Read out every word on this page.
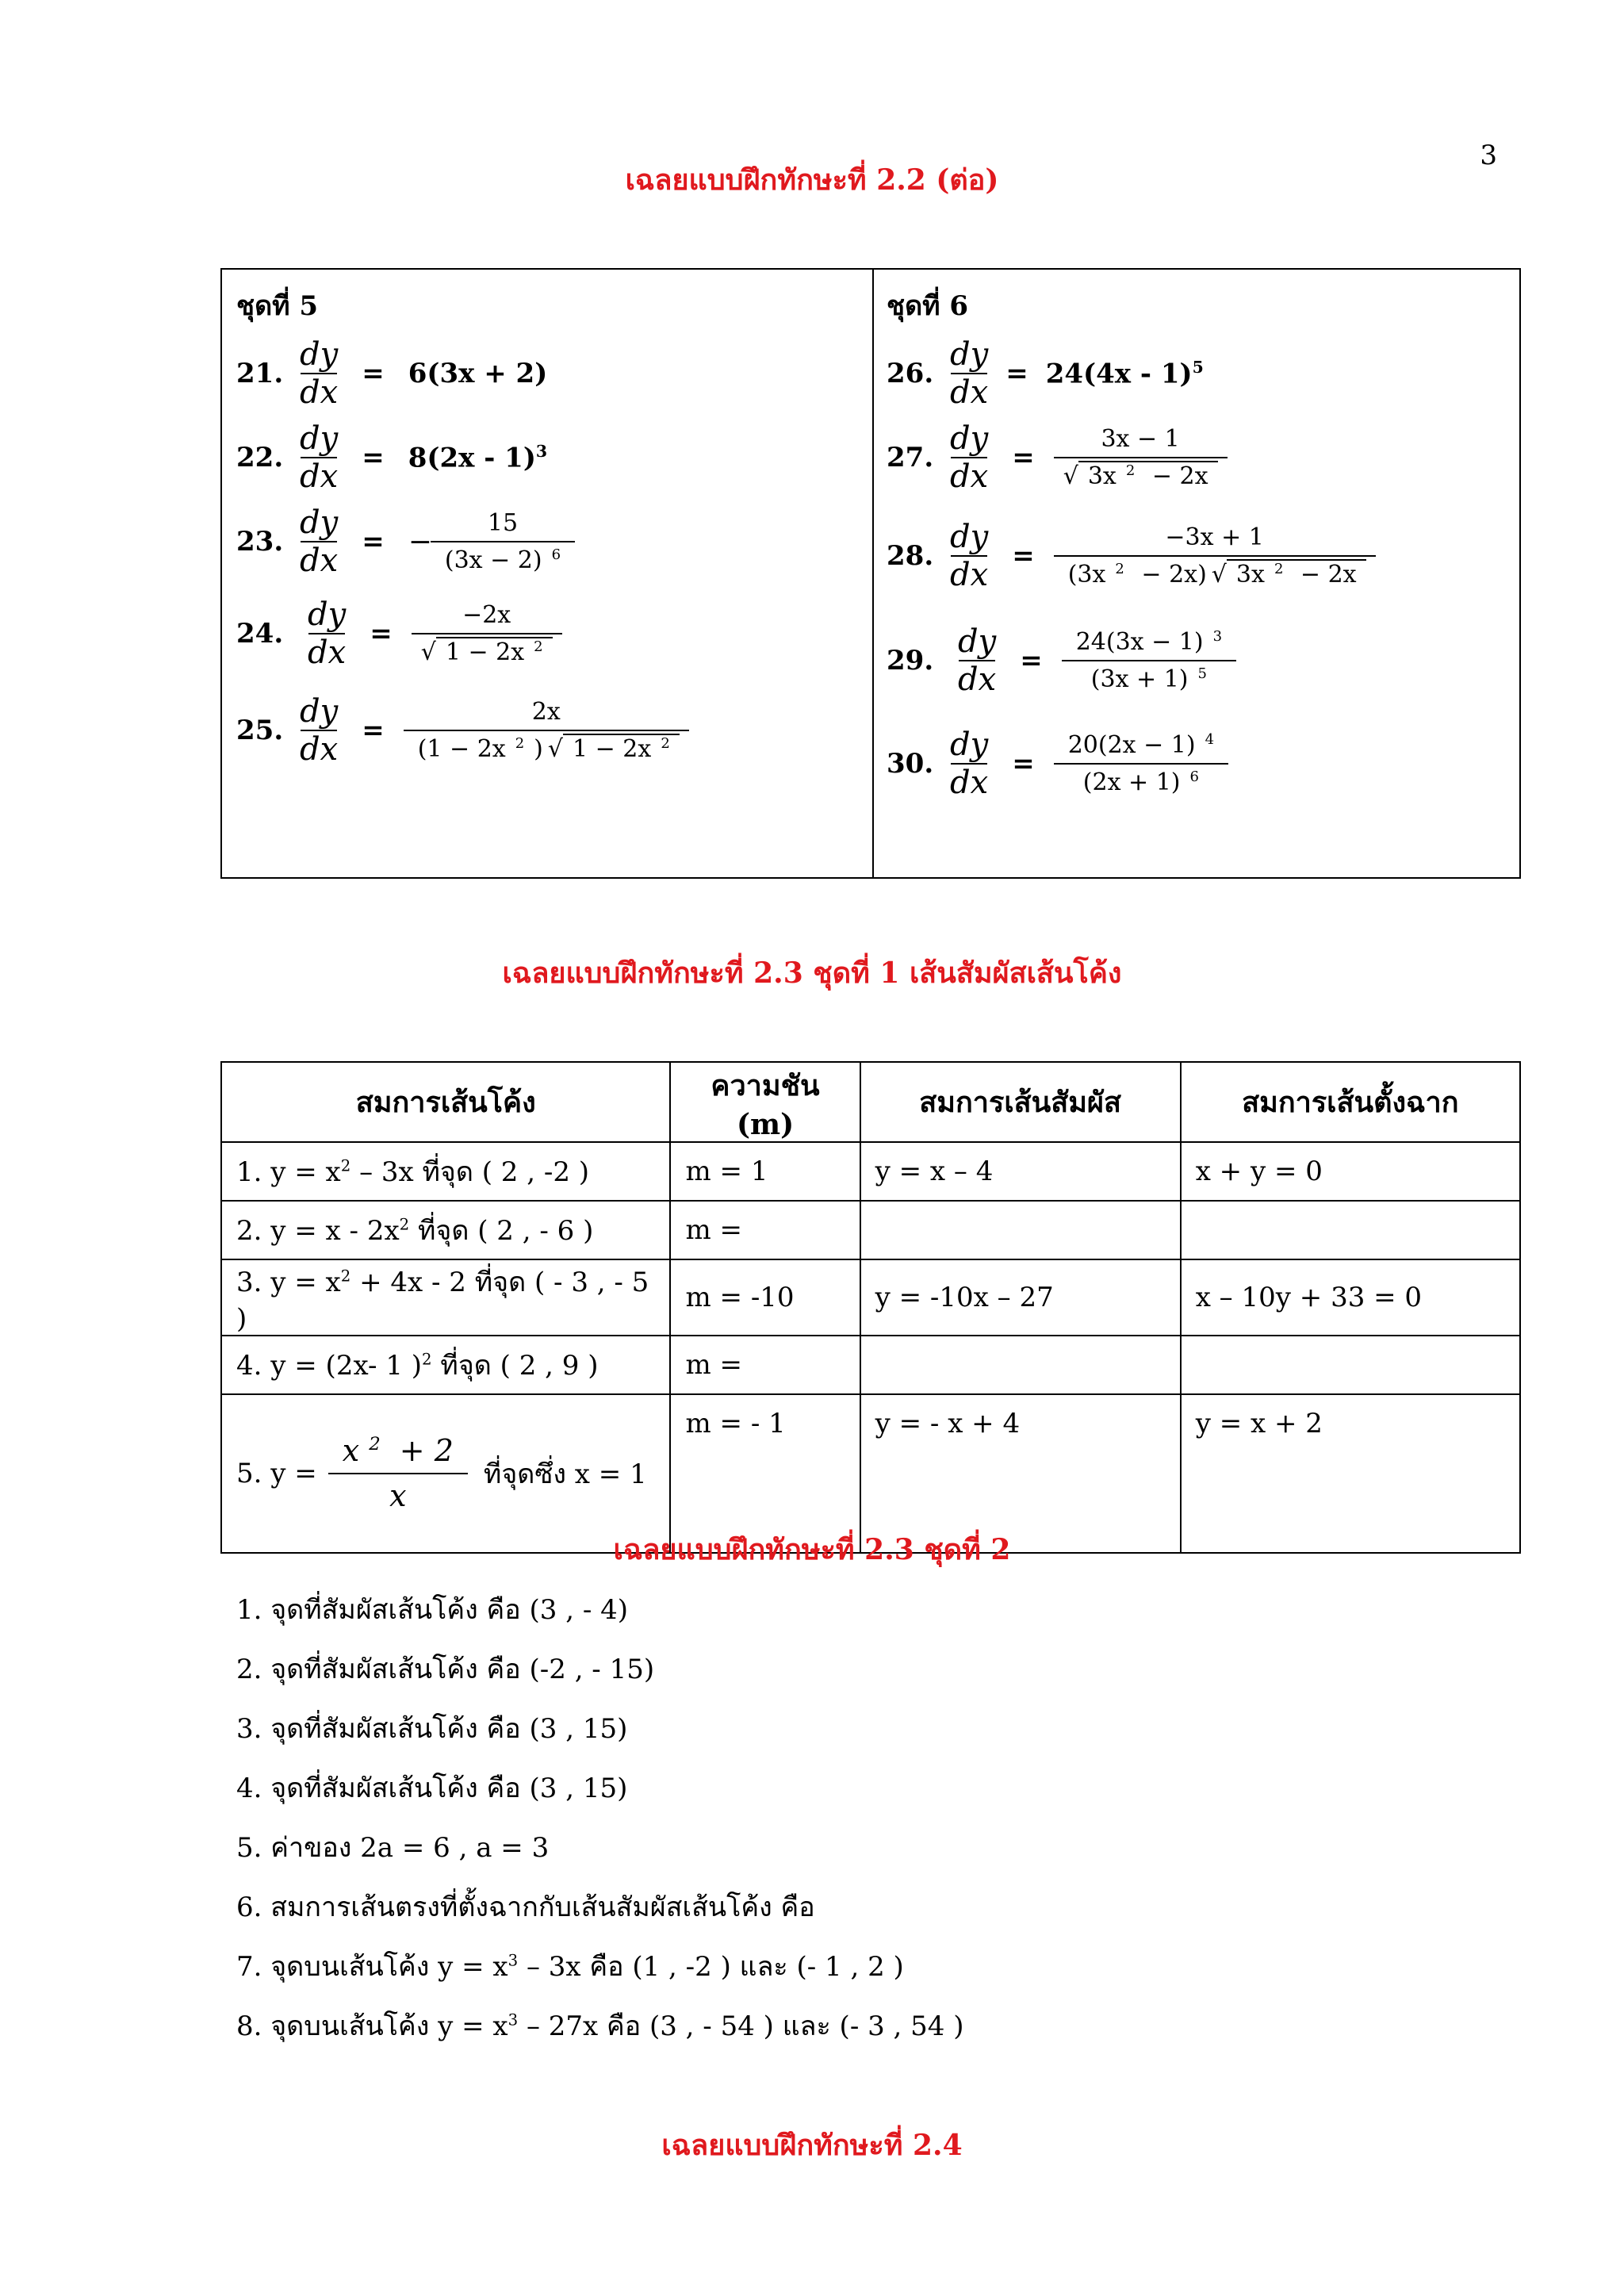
3
เฉลยแบบฝึกทักษะที่ 2.2 (ต่อ)
ชุดที่ 5
21. $\frac{dy}{dx} = 6(3x + 2)$
22. $\frac{dy}{dx} = 8(2x - 1)^3$
23. $\frac{dy}{dx}$ = −
15
(3x − 2) $^6$
24. $\frac{dy}{dx}$ =
−2x
√ 1 − 2x $^2$
25. $\frac{dy}{dx}$ =
2x
(1 − 2x $^2$ ) √ 1 − 2x $^2$
ชุดที่ 6
26. $\frac{dy}{dx} = 24(4x - 1)^5$
27. $\frac{dy}{dx}$ =
3x − 1
√ 3x $^2$ − 2x
28. $\frac{dy}{dx}$ =
−3x + 1
(3x $^2$ − 2x) √ 3x $^2$ − 2x
29. $\frac{dy}{dx}$ =
24(3x − 1) $^3$
(3x + 1) $^5$
30. $\frac{dy}{dx}$ =
20(2x − 1) $^4$
(2x + 1) $^6$
เฉลยแบบฝึกทักษะที่ 2.3 ชุดที่ 1 เส้นสัมผัสเส้นโค้ง
สมการเส้นโค้ง	ความชัน (m)	สมการเส้นสัมผัส	สมการเส้นตั้งฉาก
1. $y = x^2 - 3x$ ที่จุด ( 2 , -2 )	m = 1	y = x – 4	x + y = 0
2. $y = x - 2x^2$ ที่จุด ( 2 , - 6 )	m =		
3. $y = x^2 + 4x - 2$ ที่จุด ( - 3 , - 5 )	m = -10	y = -10x – 27	x – 10y + 33 = 0
4. y = (2x- 1 )$^2$ ที่จุด ( 2 , 9 )	m =		

5. y =
x $^2$ + 2
x
ที่จุดซึ่ง x = 1	m = - 1	y = - x + 4	y = x + 2
เฉลยแบบฝึกทักษะที่ 2.3 ชุดที่ 2
1. จุดที่สัมผัสเส้นโค้ง คือ (3 , - 4)
2. จุดที่สัมผัสเส้นโค้ง คือ (-2 , - 15)
3. จุดที่สัมผัสเส้นโค้ง คือ (3 , 15)
4. จุดที่สัมผัสเส้นโค้ง คือ (3 , 15)
5. ค่าของ 2a = 6 , a = 3
6. สมการเส้นตรงที่ตั้งฉากกับเส้นสัมผัสเส้นโค้ง คือ
7. จุดบนเส้นโค้ง $y = x^3 - 3x$ คือ (1 , -2 ) และ (- 1 , 2 )
8. จุดบนเส้นโค้ง $y = x^3 - 27x$ คือ (3 , - 54 ) และ (- 3 , 54 )
เฉลยแบบฝึกทักษะที่ 2.4
